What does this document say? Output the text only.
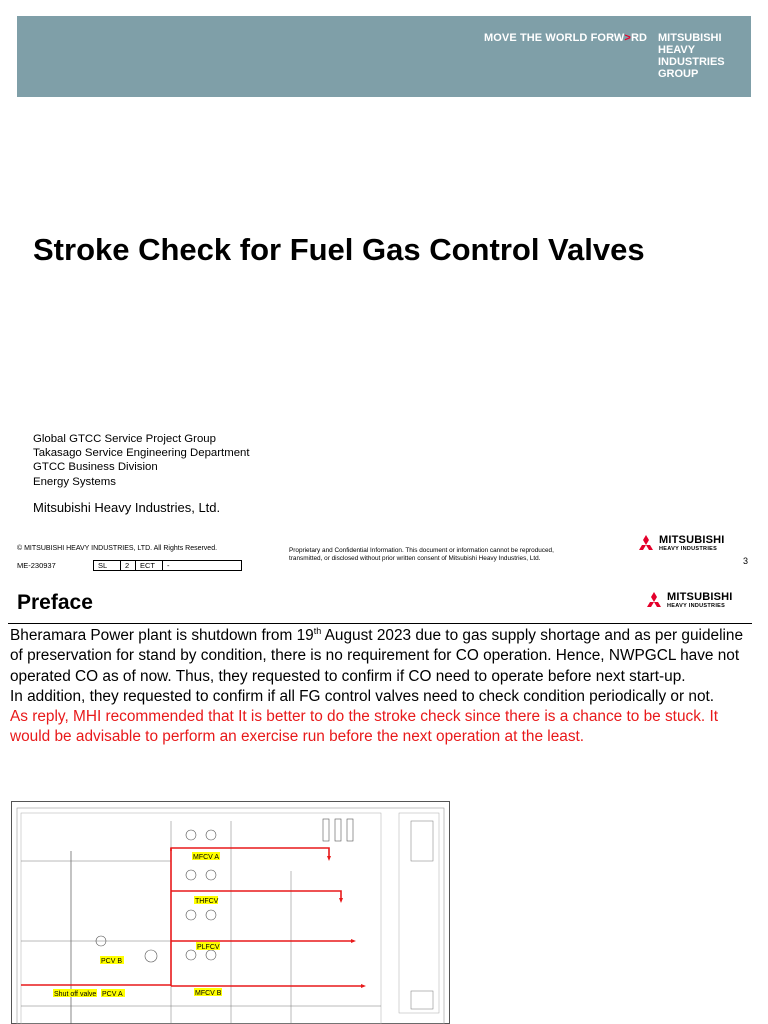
MOVE THE WORLD FORW>RD MITSUBISHI
HEAVY
INDUSTRIES
GROUP
Stroke Check for Fuel Gas Control Valves
Global GTCC Service Project Group
Takasago Service Engineering Department
GTCC Business Division
Energy Systems
Mitsubishi Heavy Industries, Ltd.
© MITSUBISHI HEAVY INDUSTRIES, LTD. All Rights Reserved.
ME-230937	SL	2	ECT	-
Proprietary and Confidential Information. This document or information cannot be reproduced,
transmitted, or disclosed without prior written consent of Mitsubishi Heavy Industries, Ltd.
MITSUBISHI
HEAVY INDUSTRIES
3
Preface	MITSUBISHI
HEAVY INDUSTRIES

Bheramara Power plant is shutdown from 19th August 2023 due to gas supply shortage and as per guideline of preservation for stand by condition, there is no requirement for CO operation. Hence, NWPGCL have not operated CO as of now. Thus, they requested to confirm if CO need to operate before next start-up.

In addition, they requested to confirm if all FG control valves need to check condition periodically or not.

As reply, MHI recommended that It is better to do the stroke check since there is a chance to be stuck. It would be advisable to perform an exercise run before the next operation at the least.

MFCV A
THFCV
PLFCV
MFCV B
PCV B
PCV A
Shut off valve
